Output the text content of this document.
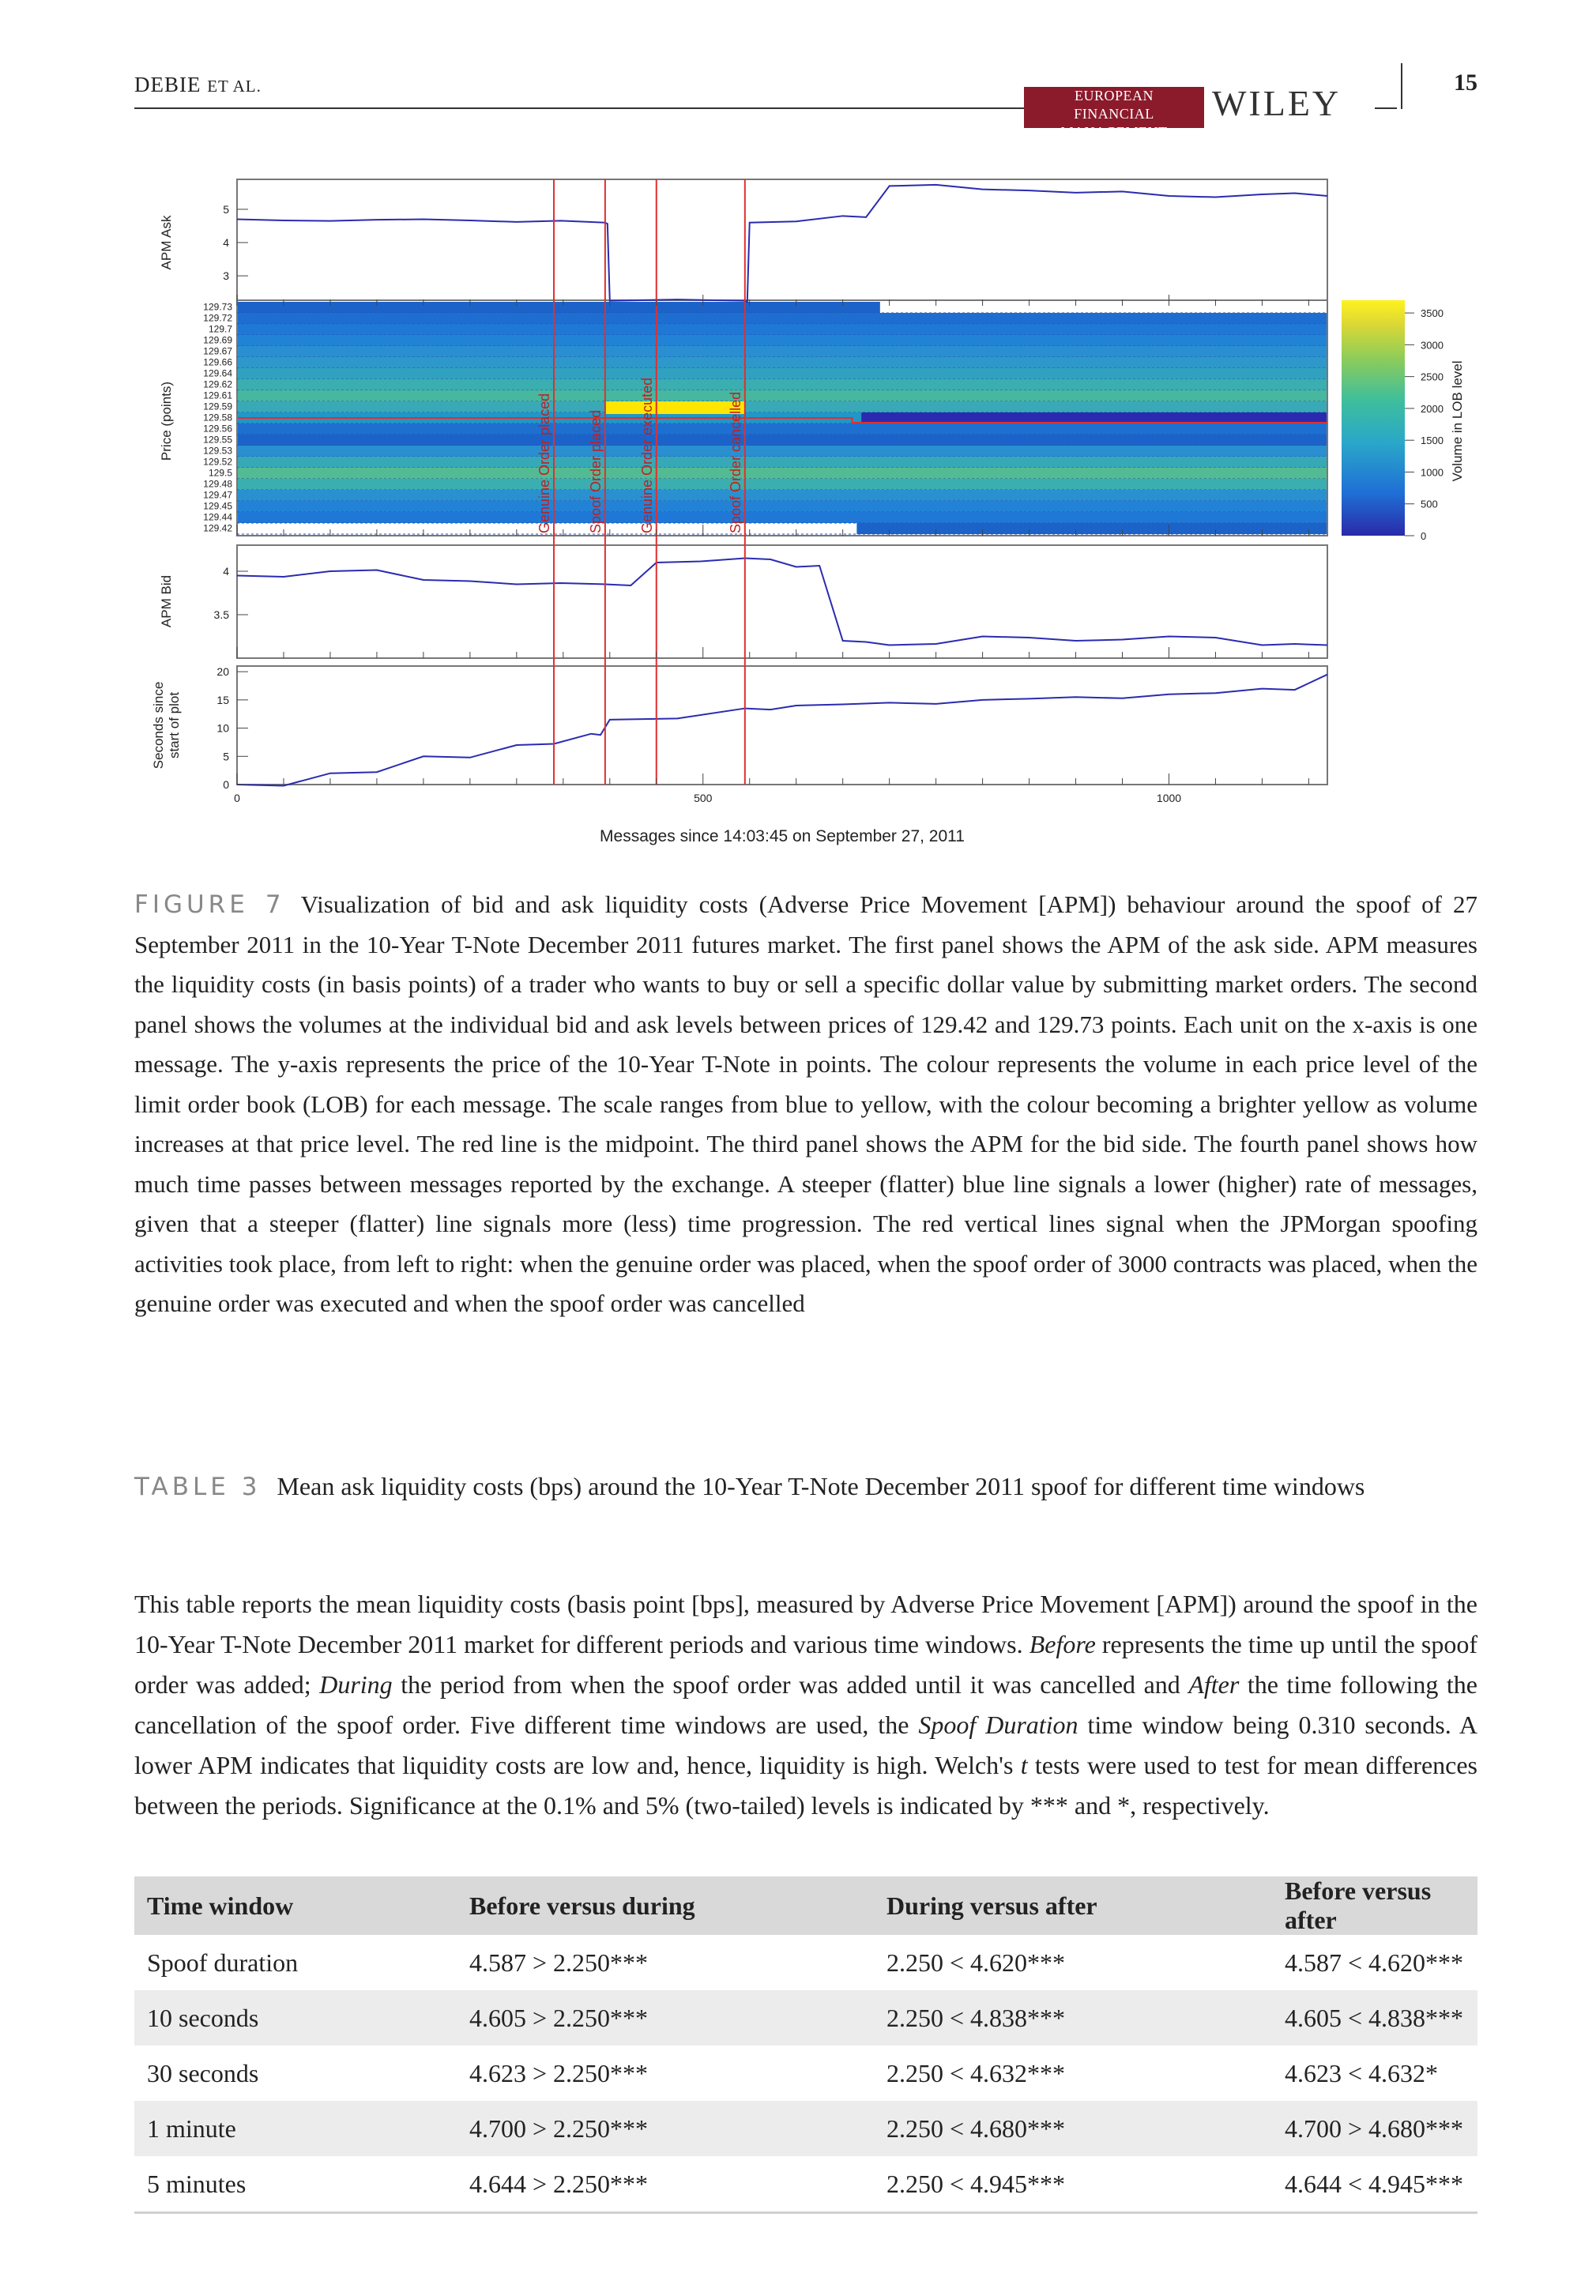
DEBIE ET AL.	EUROPEAN
FINANCIAL MANAGEMENT
WILEY
15
Genuine Order placed Spoof Order placed Genuine Order executed	Spoof Order cancelled
5
4
3
129.73
129.72
129.7
129.69
129.67
129.66
129.64
129.62
129.61
129.59
129.58
129.56
129.55
129.53
129.52
129.5
129.48
129.47
129.45
129.44
129.42
4
3.5
20
15
10
5
0
0	500	1000
APM Ask
Price (points)
APM Bid
Seconds since start of plot
Messages since 14:03:45 on September 27, 2011
3500
3000
2500
2000
1500
1000
500
0
Volume in LOB level
FIGURE 7 Visualization of bid and ask liquidity costs (Adverse Price Movement [APM]) behaviour around the spoof of 27 September 2011 in the 10-Year T-Note December 2011 futures market. The first panel shows the APM of the ask side. APM measures the liquidity costs (in basis points) of a trader who wants to buy or sell a specific dollar value by submitting market orders. The second panel shows the volumes at the individual bid and ask levels between prices of 129.42 and 129.73 points. Each unit on the x-axis is one message. The y-axis represents the price of the 10-Year T-Note in points. The colour represents the volume in each price level of the limit order book (LOB) for each message. The scale ranges from blue to yellow, with the colour becoming a brighter yellow as volume increases at that price level. The red line is the midpoint. The third panel shows the APM for the bid side. The fourth panel shows how much time passes between messages reported by the exchange. A steeper (flatter) blue line signals a lower (higher) rate of messages, given that a steeper (flatter) line signals more (less) time progression. The red vertical lines signal when the JPMorgan spoofing activities took place, from left to right: when the genuine order was placed, when the spoof order of 3000 contracts was placed, when the genuine order was executed and when the spoof order was cancelled
TABLE 3 Mean ask liquidity costs (bps) around the 10-Year T-Note December 2011 spoof for different time windows
This table reports the mean liquidity costs (basis point [bps], measured by Adverse Price Movement [APM]) around the spoof in the 10-Year T-Note December 2011 market for different periods and various time windows. Before represents the time up until the spoof order was added; During the period from when the spoof order was added until it was cancelled and After the time following the cancellation of the spoof order. Five different time windows are used, the Spoof Duration time window being 0.310 seconds. A lower APM indicates that liquidity costs are low and, hence, liquidity is high. Welch's t tests were used to test for mean differences between the periods. Significance at the 0.1% and 5% (two-tailed) levels is indicated by *** and *, respectively.
Time window	Before versus during	During versus after	Before versus after
Spoof duration	4.587 > 2.250***	2.250 < 4.620***	4.587 < 4.620***
10 seconds	4.605 > 2.250***	2.250 < 4.838***	4.605 < 4.838***
30 seconds	4.623 > 2.250***	2.250 < 4.632***	4.623 < 4.632*
1 minute	4.700 > 2.250***	2.250 < 4.680***	4.700 > 4.680***
5 minutes	4.644 > 2.250***	2.250 < 4.945***	4.644 < 4.945***
